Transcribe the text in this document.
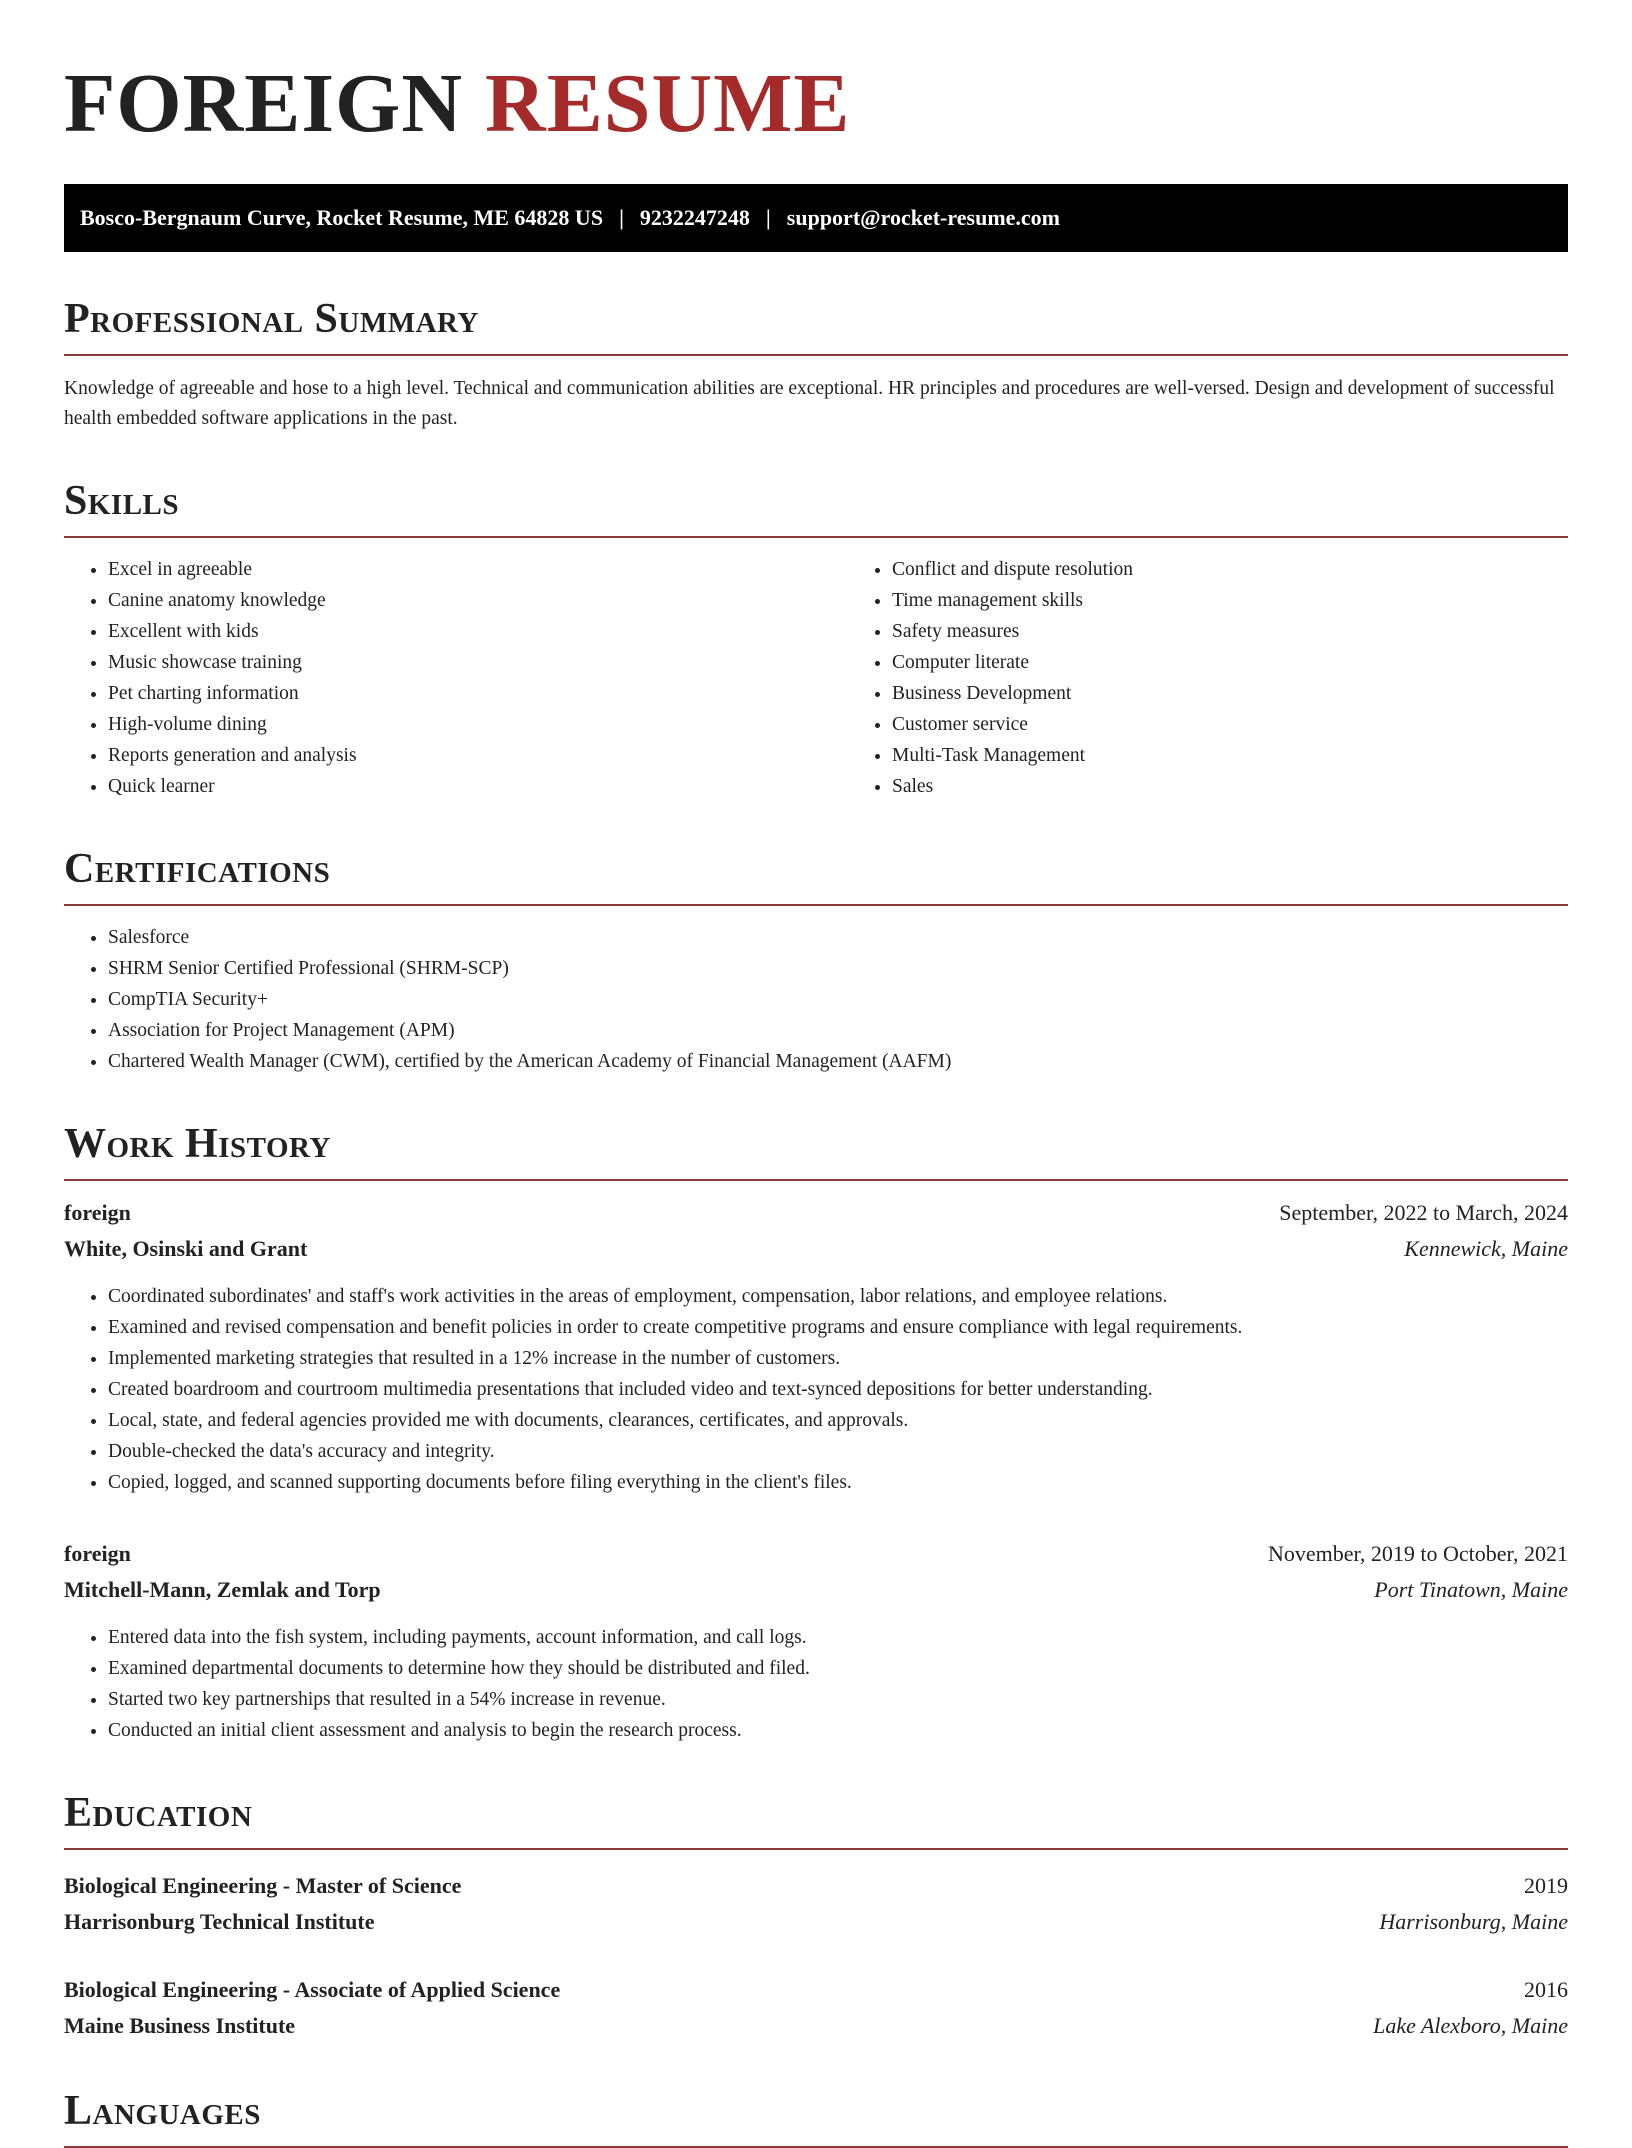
FOREIGN RESUME
Bosco-Bergnaum Curve, Rocket Resume, ME 64828 US | 9232247248 | support@rocket-resume.com
Professional Summary

Knowledge of agreeable and hose to a high level. Technical and communication abilities are exceptional. HR principles and procedures are well-versed. Design and development of successful health embedded software applications in the past.

Skills
• Excel in agreeable
• Canine anatomy knowledge
• Excellent with kids
• Music showcase training
• Pet charting information
• High-volume dining
• Reports generation and analysis
• Quick learner
• Conflict and dispute resolution
• Time management skills
• Safety measures
• Computer literate
• Business Development
• Customer service
• Multi-Task Management
• Sales
Certifications
• Salesforce
• SHRM Senior Certified Professional (SHRM-SCP)
• CompTIA Security+
• Association for Project Management (APM)
• Chartered Wealth Manager (CWM), certified by the American Academy of Financial Management (AAFM)
Work History
foreign	September, 2022 to March, 2024
White, Osinski and Grant	Kennewick, Maine
• Coordinated subordinates' and staff's work activities in the areas of employment, compensation, labor relations, and employee relations.
• Examined and revised compensation and benefit policies in order to create competitive programs and ensure compliance with legal requirements.
• Implemented marketing strategies that resulted in a 12% increase in the number of customers.
• Created boardroom and courtroom multimedia presentations that included video and text-synced depositions for better understanding.
• Local, state, and federal agencies provided me with documents, clearances, certificates, and approvals.
• Double-checked the data's accuracy and integrity.
• Copied, logged, and scanned supporting documents before filing everything in the client's files.
foreign	November, 2019 to October, 2021
Mitchell-Mann, Zemlak and Torp	Port Tinatown, Maine
• Entered data into the fish system, including payments, account information, and call logs.
• Examined departmental documents to determine how they should be distributed and filed.
• Started two key partnerships that resulted in a 54% increase in revenue.
• Conducted an initial client assessment and analysis to begin the research process.
Education
Biological Engineering - Master of Science	2019
Harrisonburg Technical Institute	Harrisonburg, Maine
Biological Engineering - Associate of Applied Science	2016
Maine Business Institute	Lake Alexboro, Maine
Languages
